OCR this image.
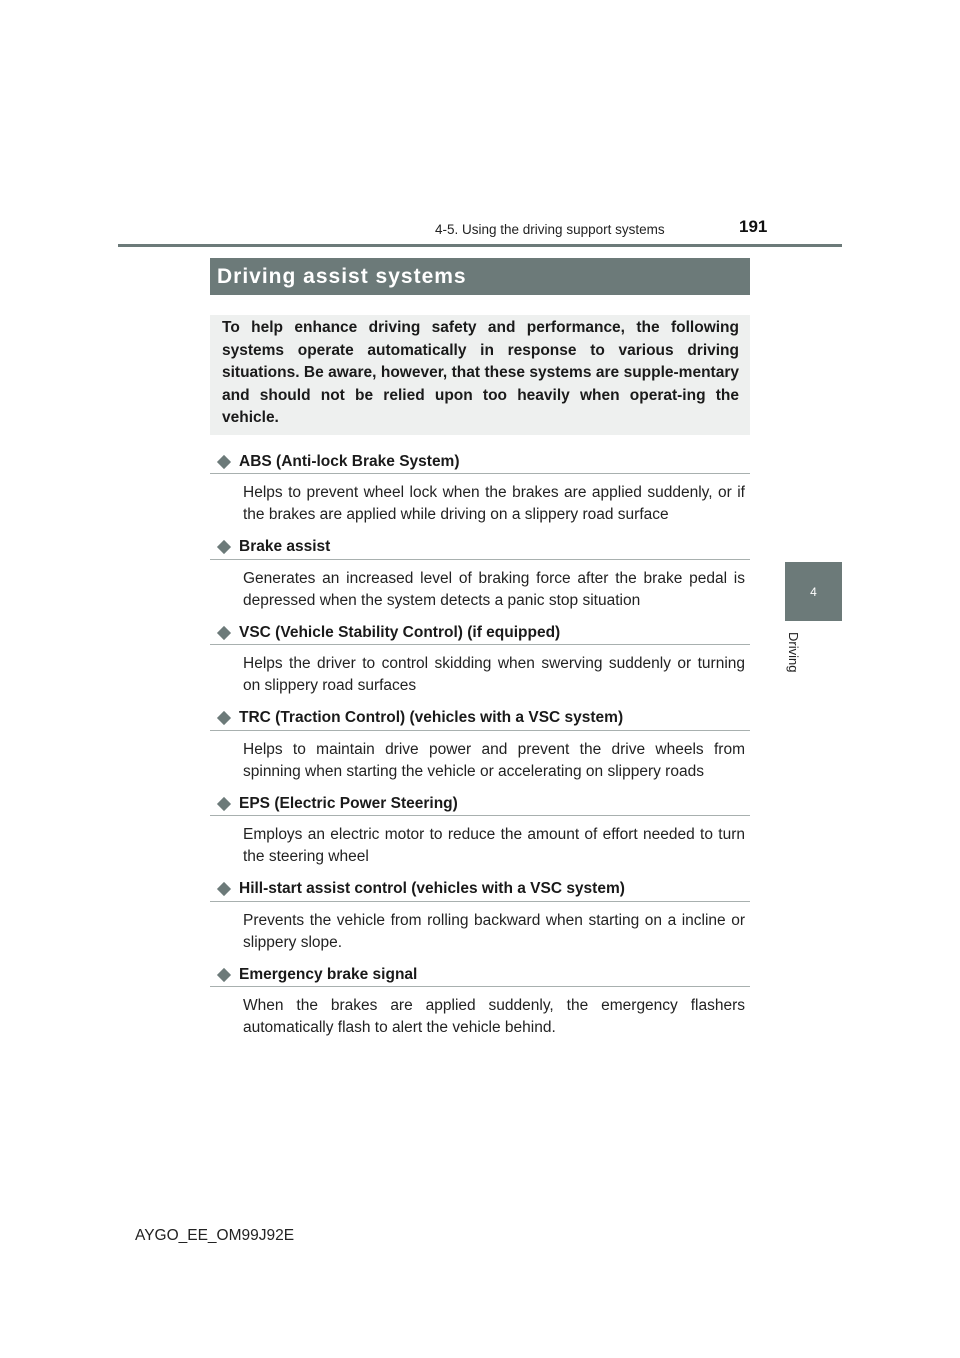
4-5. Using the driving support systems	191
4
Driving
Driving assist systems

To help enhance driving safety and performance, the following systems operate automatically in response to various driving situations. Be aware, however, that these systems are supple-mentary and should not be relied upon too heavily when operat-ing the vehicle.

ABS (Anti-lock Brake System)

Helps to prevent wheel lock when the brakes are applied suddenly, or if the brakes are applied while driving on a slippery road surface

Brake assist

Generates an increased level of braking force after the brake pedal is depressed when the system detects a panic stop situation

VSC (Vehicle Stability Control) (if equipped)

Helps the driver to control skidding when swerving suddenly or turning on slippery road surfaces

TRC (Traction Control) (vehicles with a VSC system)

Helps to maintain drive power and prevent the drive wheels from spinning when starting the vehicle or accelerating on slippery roads

EPS (Electric Power Steering)

Employs an electric motor to reduce the amount of effort needed to turn the steering wheel

Hill-start assist control (vehicles with a VSC system)

Prevents the vehicle from rolling backward when starting on a incline or slippery slope.

Emergency brake signal

When the brakes are applied suddenly, the emergency flashers automatically flash to alert the vehicle behind.

AYGO_EE_OM99J92E
